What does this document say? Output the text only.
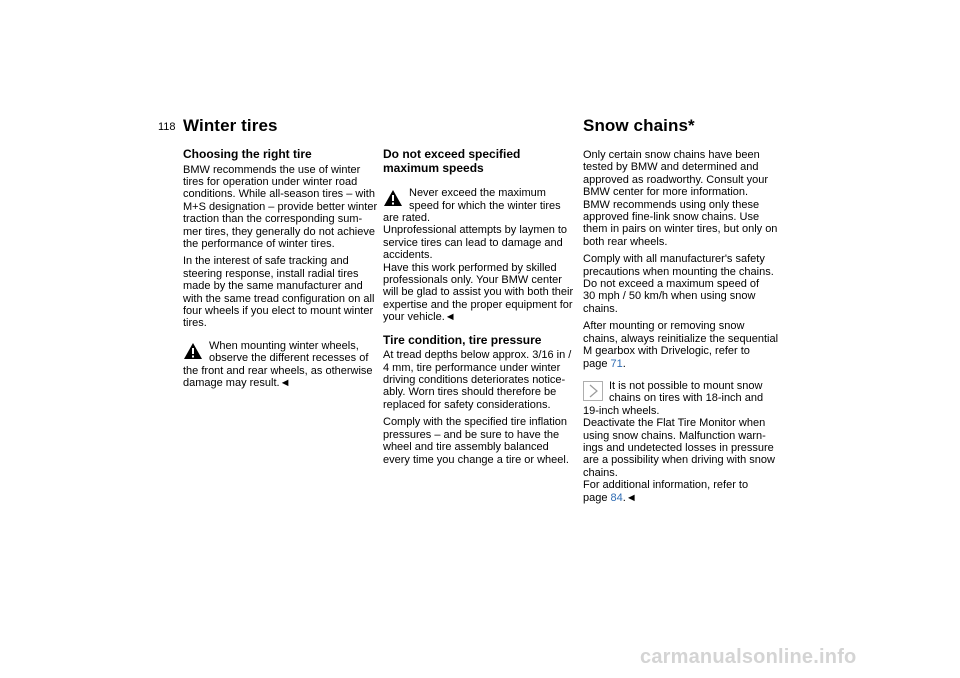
118 Winter tires	Snow chains*
Choosing the right tire
BMW recommends the use of winter
tires for operation under winter road
conditions. While all-season tires – with
M+S designation – provide better winter
traction than the corresponding sum-
mer tires, they generally do not achieve
the performance of winter tires.
In the interest of safe tracking and
steering response, install radial tires
made by the same manufacturer and
with the same tread configuration on all
four wheels if you elect to mount winter
tires.
When mounting winter wheels,
observe the different recesses of
the front and rear wheels, as otherwise
damage may result.◄
Do not exceed specified
maximum speeds
Never exceed the maximum
speed for which the winter tires
are rated.
Unprofessional attempts by laymen to
service tires can lead to damage and
accidents.
Have this work performed by skilled
professionals only. Your BMW center
will be glad to assist you with both their
expertise and the proper equipment for
your vehicle.◄
Tire condition, tire pressure
At tread depths below approx. 3/16 in /
4 mm, tire performance under winter
driving conditions deteriorates notice-
ably. Worn tires should therefore be
replaced for safety considerations.
Comply with the specified tire inflation
pressures – and be sure to have the
wheel and tire assembly balanced
every time you change a tire or wheel.
Only certain snow chains have been
tested by BMW and determined and
approved as roadworthy. Consult your
BMW center for more information.
BMW recommends using only these
approved fine-link snow chains. Use
them in pairs on winter tires, but only on
both rear wheels.
Comply with all manufacturer's safety
precautions when mounting the chains.
Do not exceed a maximum speed of
30 mph / 50 km/h when using snow
chains.
After mounting or removing snow
chains, always reinitialize the sequential
M gearbox with Drivelogic, refer to
page 71.
It is not possible to mount snow
chains on tires with 18-inch and
19-inch wheels.
Deactivate the Flat Tire Monitor when
using snow chains. Malfunction warn-
ings and undetected losses in pressure
are a possibility when driving with snow
chains.
For additional information, refer to
page 84.◄
carmanualsonline.info
